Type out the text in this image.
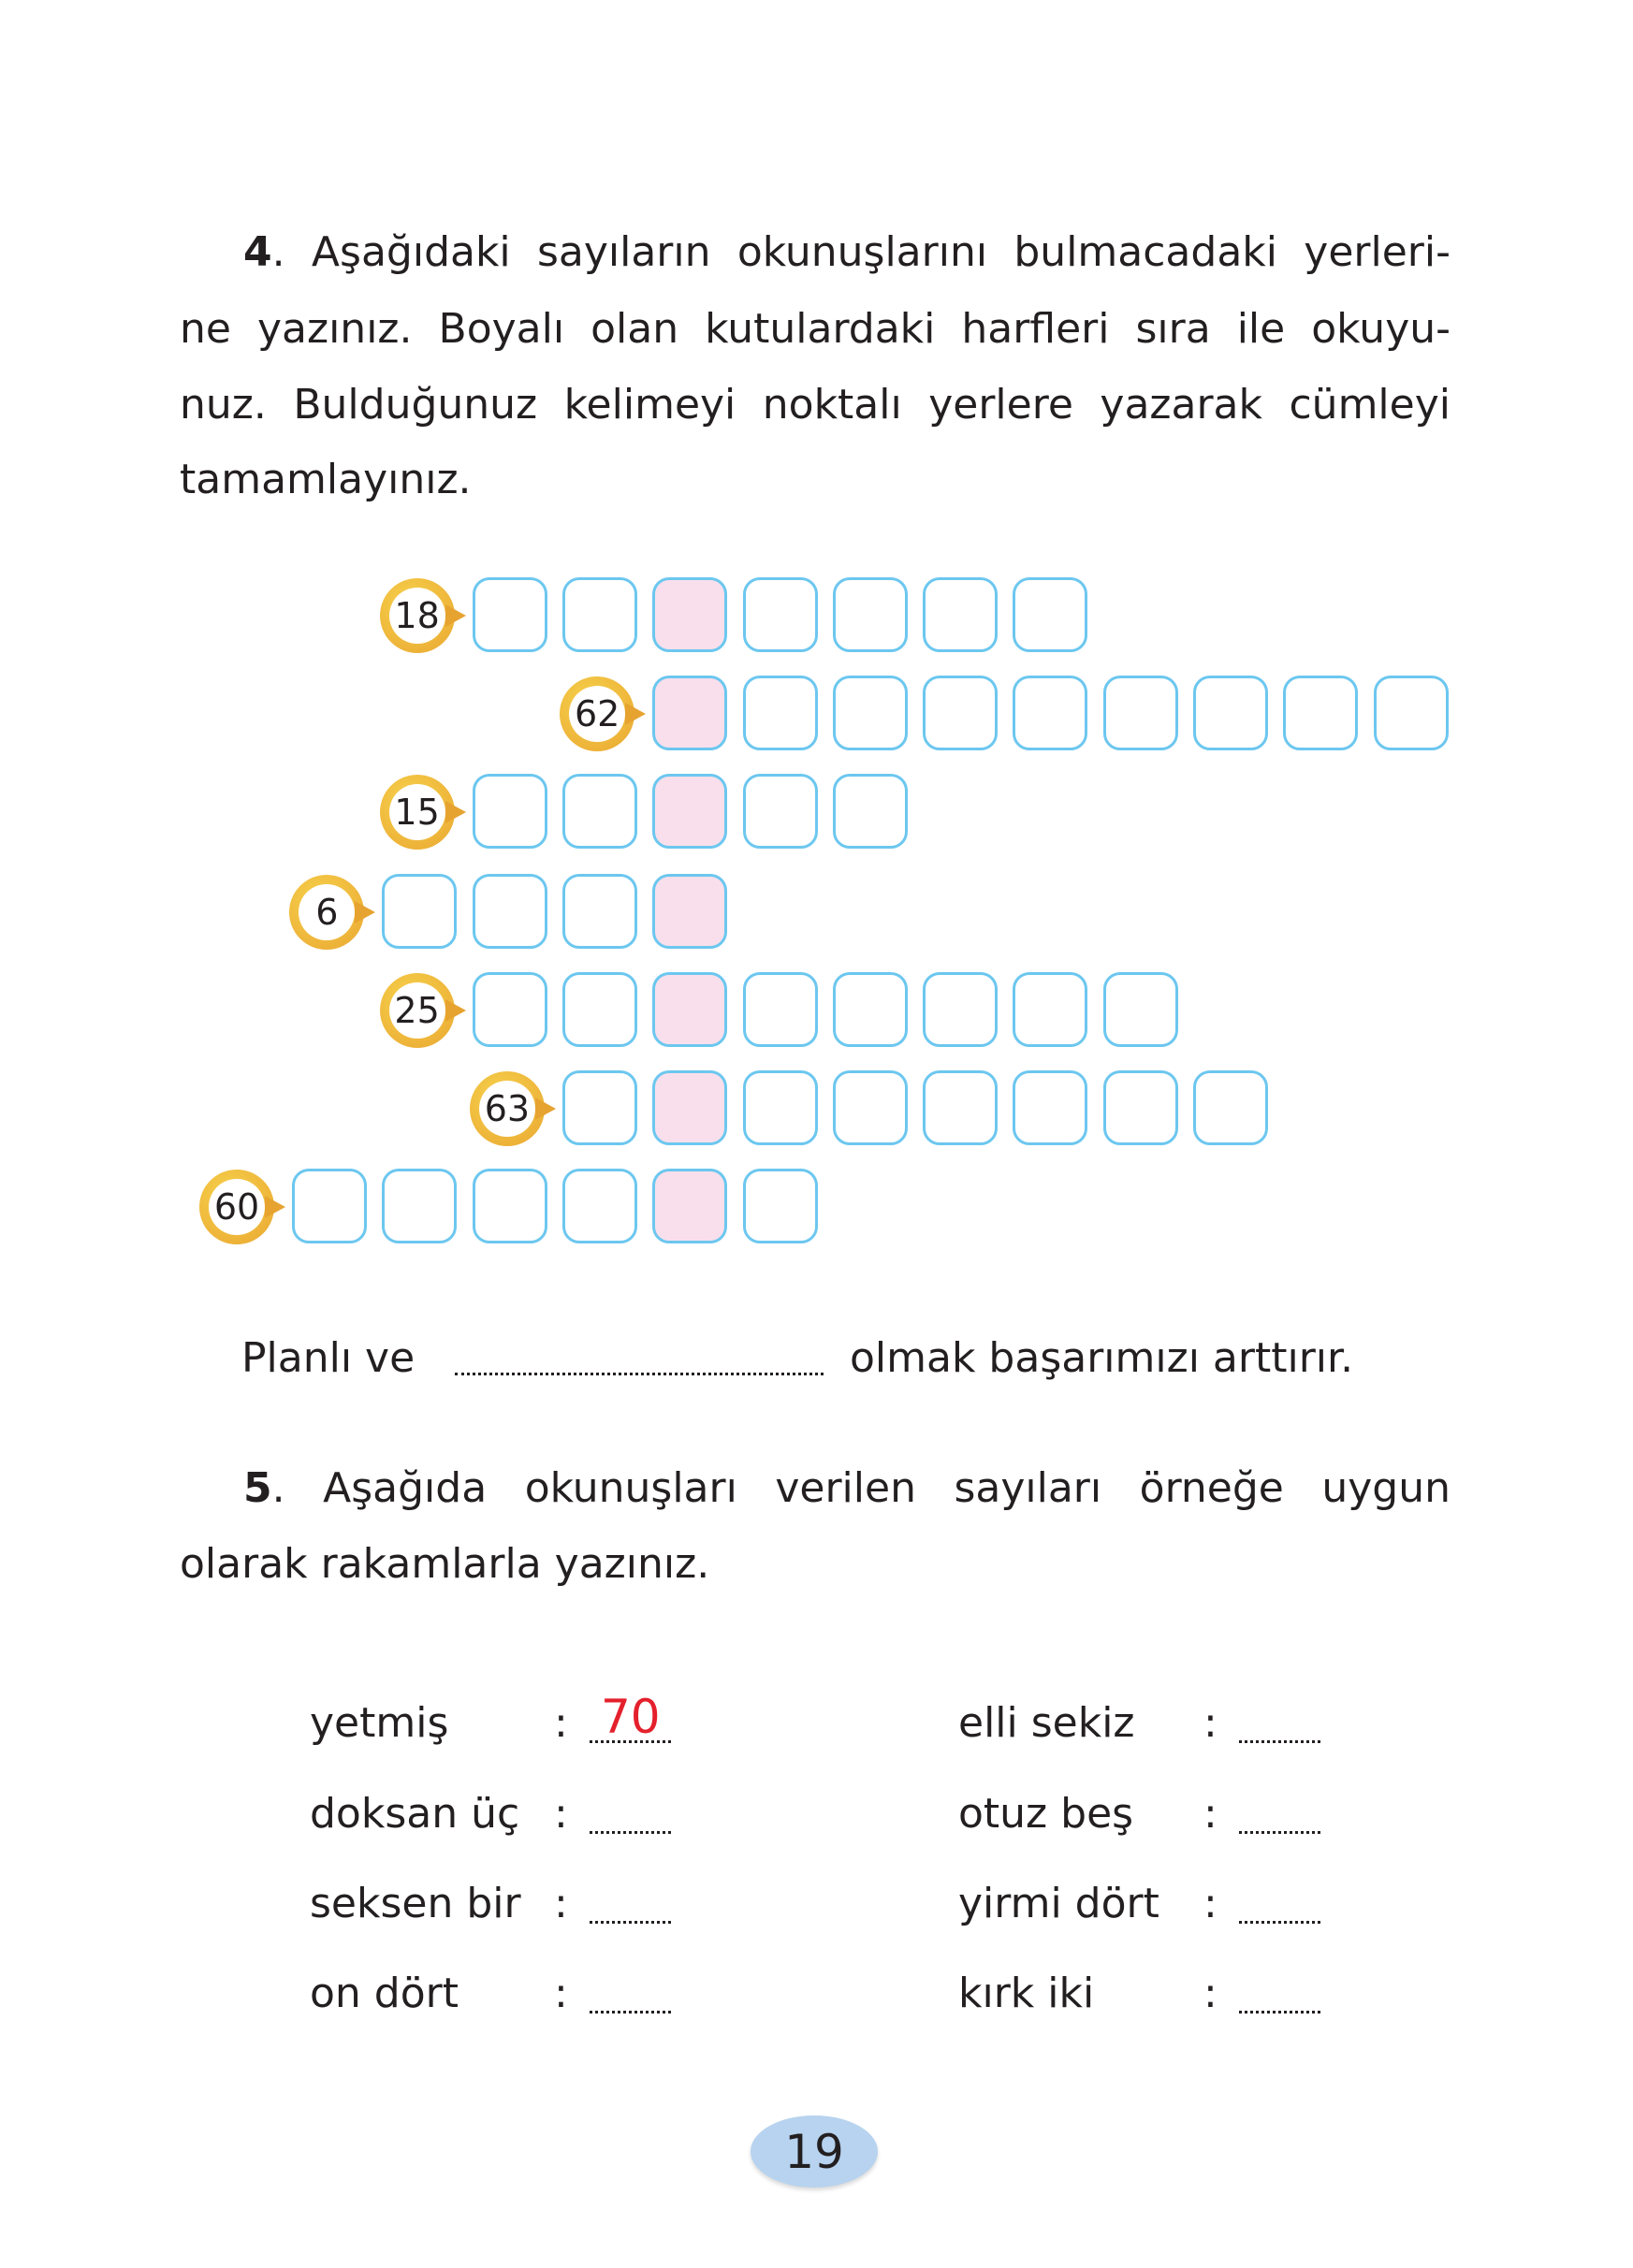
4. Aşağıdaki sayıların okunuşlarını bulmacadaki yerleri-
ne yazınız. Boyalı olan kutulardaki harfleri sıra ile okuyu-
nuz. Bulduğunuz kelimeyi noktalı yerlere yazarak cümleyi
tamamlayınız.
18
62
15
6
25
63
60
Planlı ve	olmak başarımızı arttırır.
5. Aşağıda okunuşları verilen sayıları örneğe uygun
olarak rakamlarla yazınız.
yetmiş	: 70
doksan üç :
seksen bir :
on dört :
elli sekiz :
otuz beş :
yirmi dört :
kırk iki	:
19
